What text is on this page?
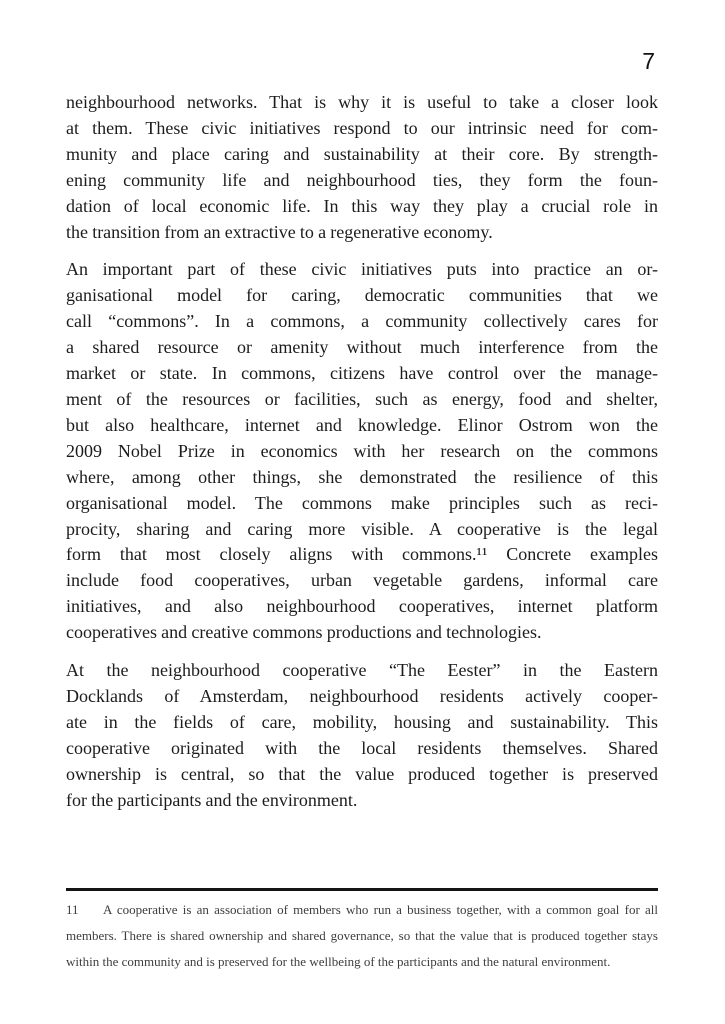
7
neighbourhood networks. That is why it is useful to take a closer look
at them. These civic initiatives respond to our intrinsic need for com-
munity and place caring and sustainability at their core. By strength-
ening community life and neighbourhood ties, they form the foun-
dation of local economic life. In this way they play a crucial role in
the transition from an extractive to a regenerative economy.
An important part of these civic initiatives puts into practice an or-
ganisational model for caring, democratic communities that we
call “commons”. In a commons, a community collectively cares for
a shared resource or amenity without much interference from the
market or state. In commons, citizens have control over the manage-
ment of the resources or facilities, such as energy, food and shelter,
but also healthcare, internet and knowledge. Elinor Ostrom won the
2009 Nobel Prize in economics with her research on the commons
where, among other things, she demonstrated the resilience of this
organisational model. The commons make principles such as reci-
procity, sharing and caring more visible. A cooperative is the legal
form that most closely aligns with commons.¹¹ Concrete examples
include food cooperatives, urban vegetable gardens, informal care
initiatives, and also neighbourhood cooperatives, internet platform
cooperatives and creative commons productions and technologies.
At the neighbourhood cooperative “The Eester” in the Eastern
Docklands of Amsterdam, neighbourhood residents actively cooper-
ate in the fields of care, mobility, housing and sustainability. This
cooperative originated with the local residents themselves. Shared
ownership is central, so that the value produced together is preserved
for the participants and the environment.
11 A cooperative is an association of members who run a business together, with a common goal for all
members. There is shared ownership and shared governance, so that the value that is produced together stays
within the community and is preserved for the wellbeing of the participants and the natural environment.
